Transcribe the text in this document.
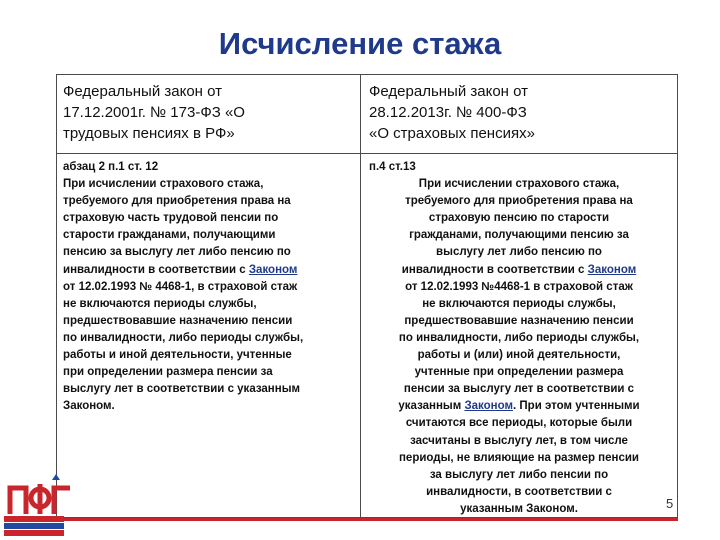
Исчисление стажа
Федеральный закон от
17.12.2001г. № 173-ФЗ «О
трудовых пенсиях в РФ»
Федеральный закон от
28.12.2013г. № 400-ФЗ
«О страховых пенсиях»
абзац 2 п.1 ст. 12
При исчислении страхового стажа,
требуемого для приобретения права на
страховую часть трудовой пенсии по
старости гражданами, получающими
пенсию за выслугу лет либо пенсию по
инвалидности в соответствии с Законом
от 12.02.1993 № 4468-1, в страховой стаж
не включаются периоды службы,
предшествовавшие назначению пенсии
по инвалидности, либо периоды службы,
работы и иной деятельности, учтенные
при определении размера пенсии за
выслугу лет в соответствии с указанным
Законом.
п.4 ст.13
При исчислении страхового стажа,
требуемого для приобретения права на
страховую пенсию по старости
гражданами, получающими пенсию за
выслугу лет либо пенсию по
инвалидности в соответствии с Законом
от 12.02.1993 №4468-1 в страховой стаж
не включаются периоды службы,
предшествовавшие назначению пенсии
по инвалидности, либо периоды службы,
работы и (или) иной деятельности,
учтенные при определении размера
пенсии за выслугу лет в соответствии с
указанным Законом. При этом учтенными
считаются все периоды, которые были
засчитаны в выслугу лет, в том числе
периоды, не влияющие на размер пенсии
за выслугу лет либо пенсии по
инвалидности, в соответствии с
указанным Законом.	5
